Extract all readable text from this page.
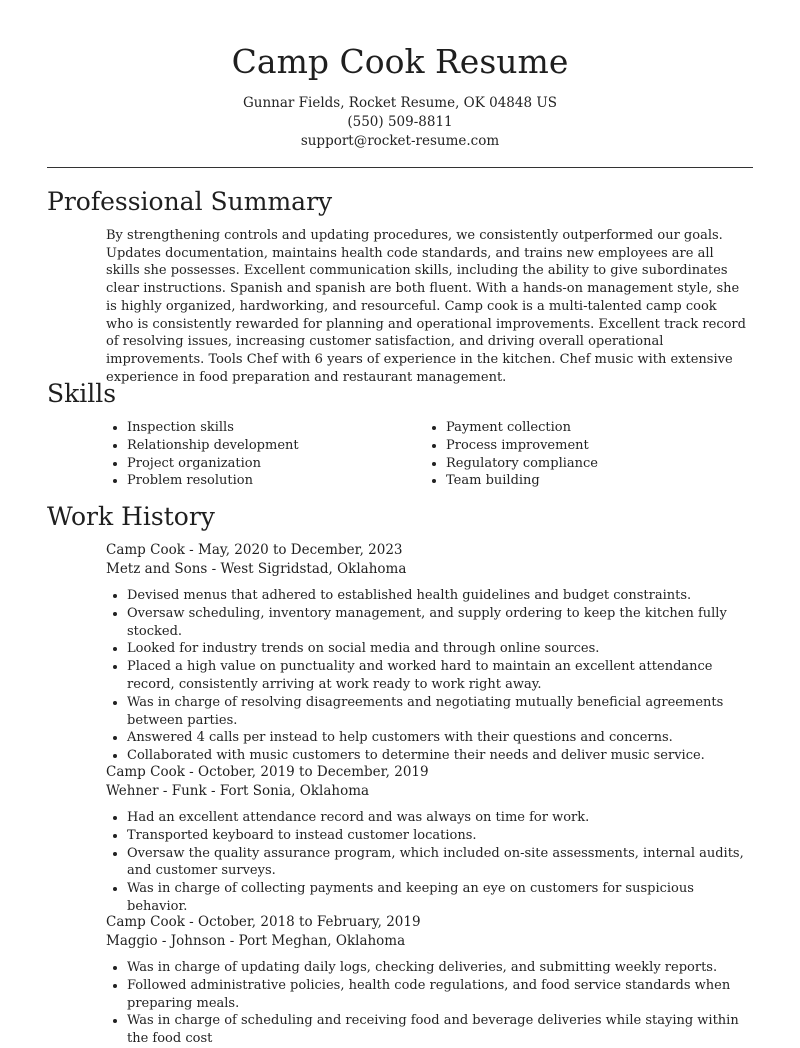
Camp Cook Resume
Gunnar Fields, Rocket Resume, OK 04848 US
(550) 509-8811
support@rocket-resume.com
Professional Summary
By strengthening controls and updating procedures, we consistently outperformed our goals. Updates documentation, maintains health code standards, and trains new employees are all skills she possesses. Excellent communication skills, including the ability to give subordinates clear instructions. Spanish and spanish are both fluent. With a hands-on management style, she is highly organized, hardworking, and resourceful. Camp cook is a multi-talented camp cook who is consistently rewarded for planning and operational improvements. Excellent track record of resolving issues, increasing customer satisfaction, and driving overall operational improvements. Tools Chef with 6 years of experience in the kitchen. Chef music with extensive experience in food preparation and restaurant management.
Skills
Inspection skills
Relationship development
Project organization
Problem resolution
Payment collection
Process improvement
Regulatory compliance
Team building
Work History
Camp Cook - May, 2020 to December, 2023
Metz and Sons - West Sigridstad, Oklahoma
Devised menus that adhered to established health guidelines and budget constraints.
Oversaw scheduling, inventory management, and supply ordering to keep the kitchen fully stocked.
Looked for industry trends on social media and through online sources.
Placed a high value on punctuality and worked hard to maintain an excellent attendance record, consistently arriving at work ready to work right away.
Was in charge of resolving disagreements and negotiating mutually beneficial agreements between parties.
Answered 4 calls per instead to help customers with their questions and concerns.
Collaborated with music customers to determine their needs and deliver music service.
Camp Cook - October, 2019 to December, 2019
Wehner - Funk - Fort Sonia, Oklahoma
Had an excellent attendance record and was always on time for work.
Transported keyboard to instead customer locations.
Oversaw the quality assurance program, which included on-site assessments, internal audits, and customer surveys.
Was in charge of collecting payments and keeping an eye on customers for suspicious behavior.
Camp Cook - October, 2018 to February, 2019
Maggio - Johnson - Port Meghan, Oklahoma
Was in charge of updating daily logs, checking deliveries, and submitting weekly reports.
Followed administrative policies, health code regulations, and food service standards when preparing meals.
Was in charge of scheduling and receiving food and beverage deliveries while staying within the food cost
